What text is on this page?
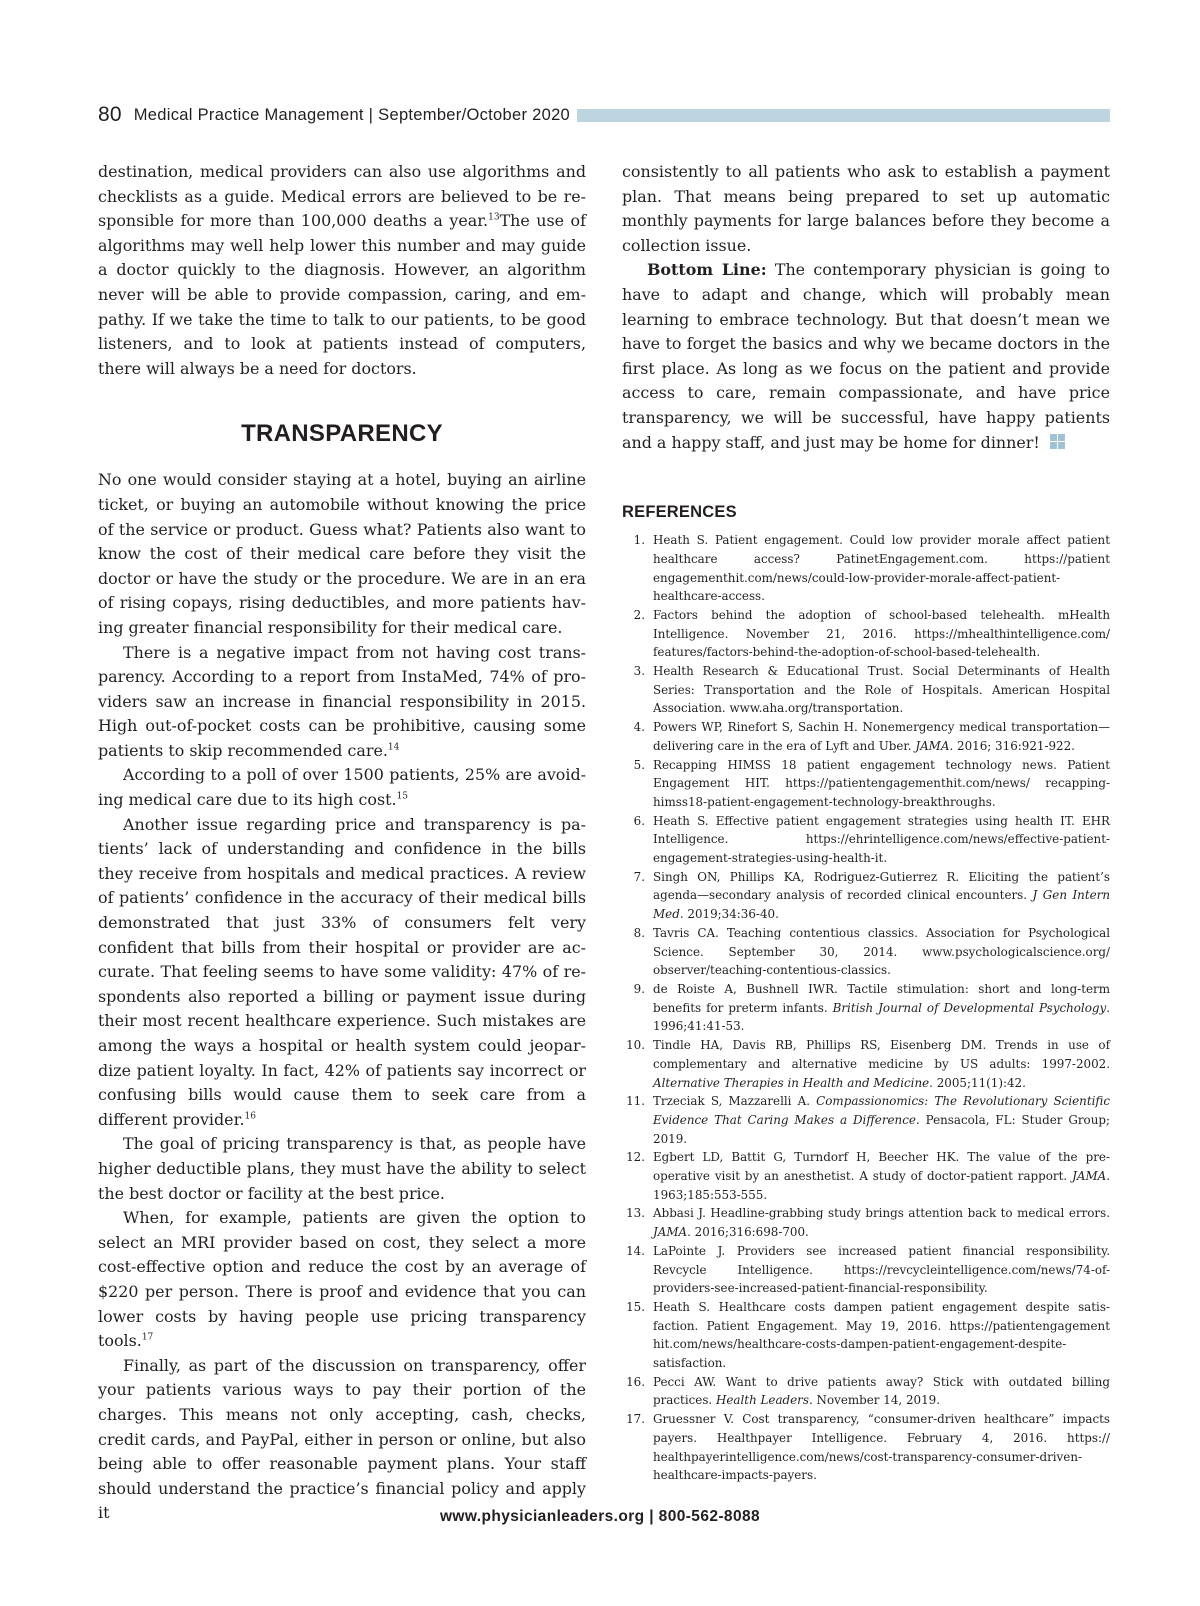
80 Medical Practice Management | September/October 2020

destination, medical providers can also use algorithms and checklists as a guide. Medical errors are believed to be responsible for more than 100,000 deaths a year.$^{13}$The use of algorithms may well help lower this number and may guide a doctor quickly to the diagnosis. However, an algorithm never will be able to provide compassion, caring, and empathy. If we take the time to talk to our patients, to be good listeners, and to look at patients instead of computers, there will always be a need for doctors.

TRANSPARENCY

No one would consider staying at a hotel, buying an airline ticket, or buying an automobile without knowing the price of the service or product. Guess what? Patients also want to know the cost of their medical care before they visit the doctor or have the study or the procedure. We are in an era of rising copays, rising deductibles, and more patients having greater financial responsibility for their medical care.

There is a negative impact from not having cost transparency. According to a report from InstaMed, 74% of providers saw an increase in financial responsibility in 2015. High out-of-pocket costs can be prohibitive, causing some patients to skip recommended care.$^{14}$

According to a poll of over 1500 patients, 25% are avoiding medical care due to its high cost.$^{15}$

Another issue regarding price and transparency is patients’ lack of understanding and confidence in the bills they receive from hospitals and medical practices. A review of patients’ confidence in the accuracy of their medical bills demonstrated that just 33% of consumers felt very confident that bills from their hospital or provider are accurate. That feeling seems to have some validity: 47% of respondents also reported a billing or payment issue during their most recent healthcare experience. Such mistakes are among the ways a hospital or health system could jeopardize patient loyalty. In fact, 42% of patients say incorrect or confusing bills would cause them to seek care from a different provider.$^{16}$

The goal of pricing transparency is that, as people have higher deductible plans, they must have the ability to select the best doctor or facility at the best price.

When, for example, patients are given the option to select an MRI provider based on cost, they select a more cost-effective option and reduce the cost by an average of $220 per person. There is proof and evidence that you can lower costs by having people use pricing transparency tools.$^{17}$

Finally, as part of the discussion on transparency, offer your patients various ways to pay their portion of the charges. This means not only accepting, cash, checks, credit cards, and PayPal, either in person or online, but also being able to offer reasonable payment plans. Your staff should understand the practice’s financial policy and apply it

consistently to all patients who ask to establish a payment plan. That means being prepared to set up automatic monthly payments for large balances before they become a collection issue.

Bottom Line: The contemporary physician is going to have to adapt and change, which will probably mean learning to embrace technology. But that doesn’t mean we have to forget the basics and why we became doctors in the first place. As long as we focus on the patient and provide access to care, remain compassionate, and have price transparency, we will be successful, have happy patients and a happy staff, and just may be home for dinner!

REFERENCES
1. Heath S. Patient engagement. Could low provider morale affect patient healthcare access? PatinetEngagement.com. https://patient engagementhit.com/news/could-low-provider-morale-affect-patient-healthcare-access.
2. Factors behind the adoption of school-based telehealth. mHealth Intelligence. November 21, 2016. https://mhealthintelligence.com/ features/factors-behind-the-adoption-of-school-based-telehealth.
3. Health Research & Educational Trust. Social Determinants of Health Series: Transportation and the Role of Hospitals. American Hospital Association. www.aha.org/transportation.
4. Powers WP, Rinefort S, Sachin H. Nonemergency medical transportation—delivering care in the era of Lyft and Uber. JAMA. 2016; 316:921-922.
5. Recapping HIMSS 18 patient engagement technology news. Patient Engagement HIT. https://patientengagementhit.com/news/ recapping-himss18-patient-engagement-technology-breakthroughs.
6. Heath S. Effective patient engagement strategies using health IT. EHR Intelligence. https://ehrintelligence.com/news/effective-patient-engagement-strategies-using-health-it.
7. Singh ON, Phillips KA, Rodriguez-Gutierrez R. Eliciting the patient’s agenda—secondary analysis of recorded clinical encounters. J Gen Intern Med. 2019;34:36-40.
8. Tavris CA. Teaching contentious classics. Association for Psychological Science. September 30, 2014. www.psychologicalscience.org/ observer/teaching-contentious-classics.
9. de Roiste A, Bushnell IWR. Tactile stimulation: short and long-term benefits for preterm infants. British Journal of Developmental Psychology. 1996;41:41-53.
10. Tindle HA, Davis RB, Phillips RS, Eisenberg DM. Trends in use of complementary and alternative medicine by US adults: 1997-2002. Alternative Therapies in Health and Medicine. 2005;11(1):42.
11. Trzeciak S, Mazzarelli A. Compassionomics: The Revolutionary Scientific Evidence That Caring Makes a Difference. Pensacola, FL: Studer Group; 2019.
12. Egbert LD, Battit G, Turndorf H, Beecher HK. The value of the preoperative visit by an anesthetist. A study of doctor-patient rapport. JAMA. 1963;185:553-555.
13. Abbasi J. Headline-grabbing study brings attention back to medical errors. JAMA. 2016;316:698-700.
14. LaPointe J. Providers see increased patient financial responsibility. Revcycle Intelligence. https://revcycleintelligence.com/news/74-of-providers-see-increased-patient-financial-responsibility.
15. Heath S. Healthcare costs dampen patient engagement despite satisfaction. Patient Engagement. May 19, 2016. https://patientengagement hit.com/news/healthcare-costs-dampen-patient-engagement-despite-satisfaction.
16. Pecci AW. Want to drive patients away? Stick with outdated billing practices. Health Leaders. November 14, 2019.
17. Gruessner V. Cost transparency, “consumer-driven healthcare” impacts payers. Healthpayer Intelligence. February 4, 2016. https:// healthpayerintelligence.com/news/cost-transparency-consumer-driven-healthcare-impacts-payers.
www.physicianleaders.org | 800-562-8088
